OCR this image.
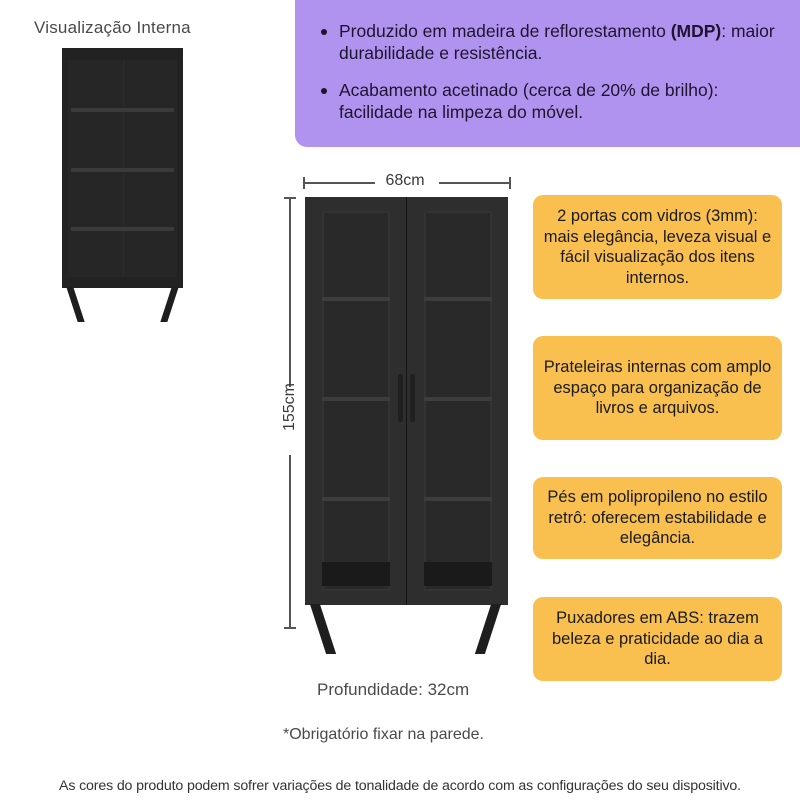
Visualização Interna	Produzido em madeira de reflorestamento (MDP): maior durabilidade e resistência.
Acabamento acetinado (cerca de 20% de brilho): facilidade na limpeza do móvel.
68cm
155cm
Profundidade: 32cm
*Obrigatório fixar na parede.
2 portas com vidros (3mm): mais elegância, leveza visual e fácil visualização dos itens internos.
Prateleiras internas com amplo espaço para organização de livros e arquivos.
Pés em polipropileno no estilo retrô: oferecem estabilidade e elegância.
Puxadores em ABS: trazem beleza e praticidade ao dia a dia.
As cores do produto podem sofrer variações de tonalidade de acordo com as configurações do seu dispositivo.
